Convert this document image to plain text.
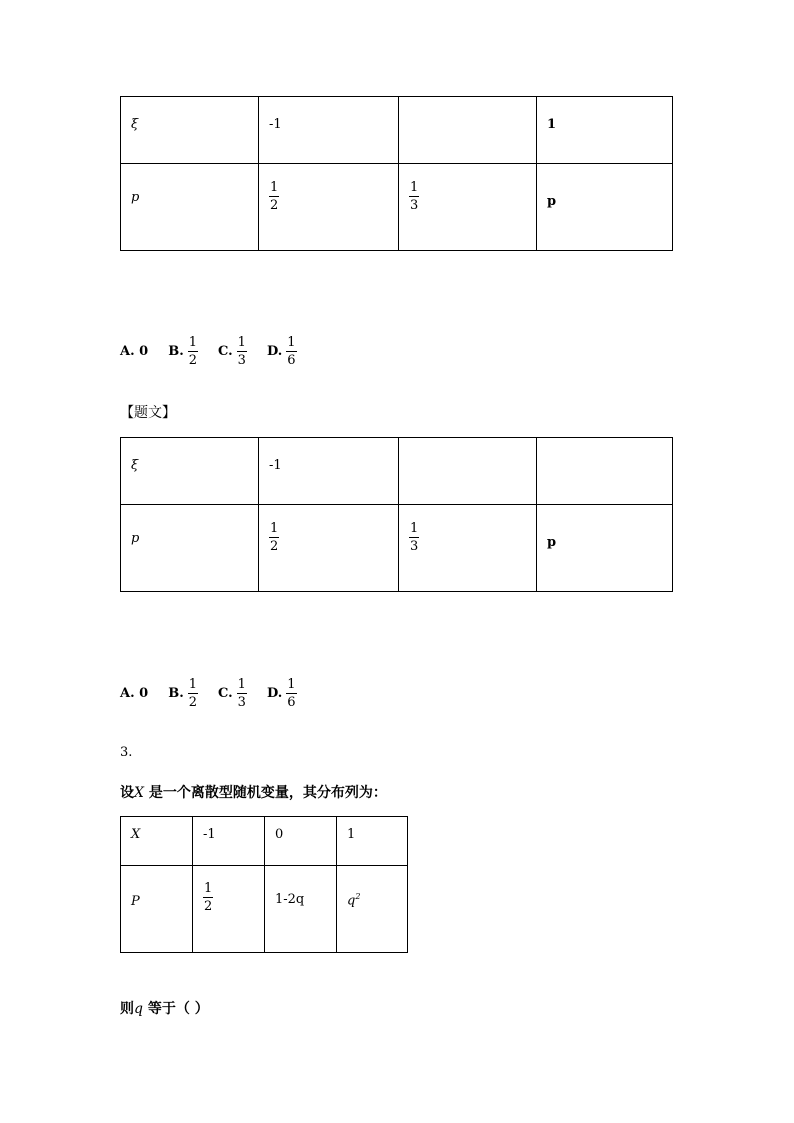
ξ	-1		1

p	$\frac{1}{2}$	$\frac{1}{3}$	p
A.
0 B. $\frac{1}{2} C$. $\frac{1}{3} D$. $\frac{1}{6}$
【题文】
ξ	-1		

p	$\frac{1}{2}$	$\frac{1}{3}$	p
A.
0 B. $\frac{1}{2} C$. $\frac{1}{3} D$. $\frac{1}{6}$
3.
设X 是一个离散型随机变量，其分布列为：
X	-1	0	1

P	$\frac{1}{2}$	1-2q	$q^2$
则q 等于（ ）
